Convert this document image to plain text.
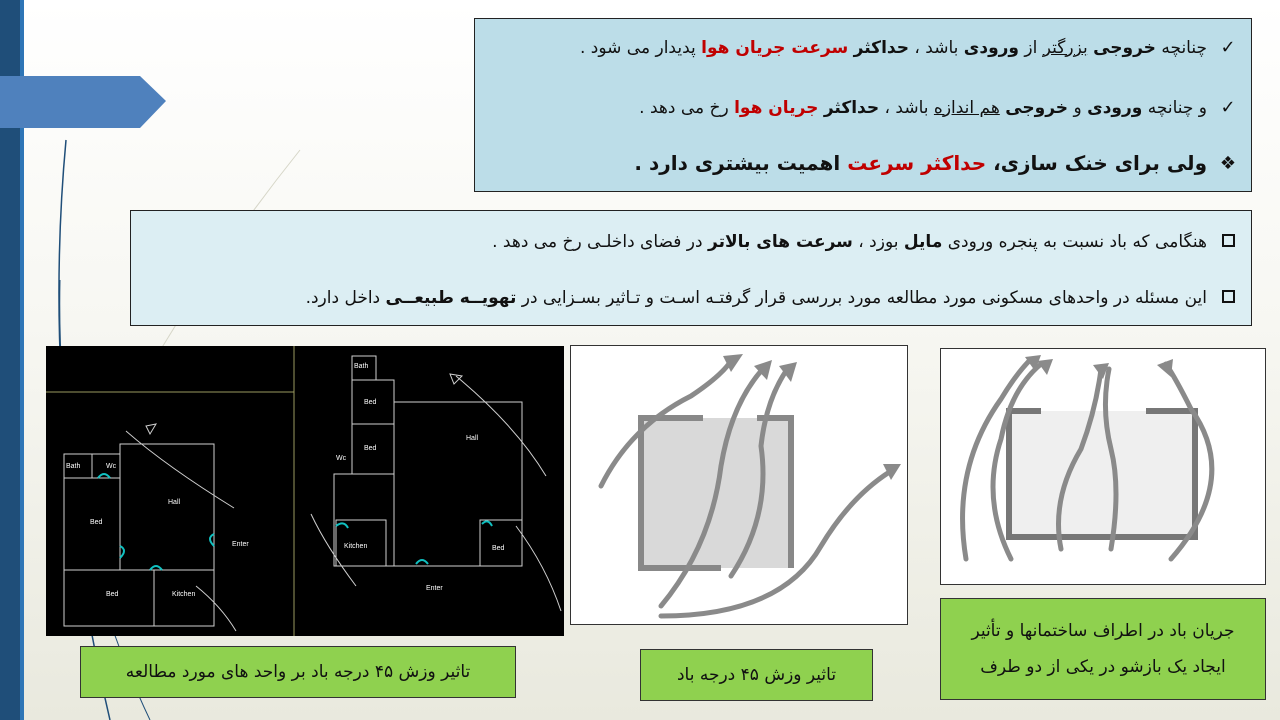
✓
چنانچه خروجی بزرگتر از ورودی باشد ، حداکثر سرعت جریان هوا پدیدار می شود .
✓
و چنانچه ورودی و خروجی هم اندازه باشد ، حداکثر جریان هوا رخ می دهد .
❖
ولی برای خنک سازی، حداکثر سرعت اهمیت بیشتری دارد .
هنگامی که باد نسبت به پنجره ورودی مایل بوزد ، سرعت های بالاتر در فضای داخلـی رخ می دهد .
این مسئله در واحدهای مسکونی مورد مطالعه مورد بررسی قرار گرفتـه اسـت و تـاثیر بسـزایی در تهویــه طبیعــی داخل دارد.
Bath	Wc
Bed
Hall
Enter
Bed	Kitchen
Bath
Bed
Bed
Wc
Hall
Kitchen	Bed
Enter
تاثیر وزش ۴۵ درجه باد بر واحد های مورد مطالعه	تاثیر وزش ۴۵ درجه باد
جریان باد در اطراف ساختمانها و تأثیر
ایجاد یک بازشو در یکی از دو طرف
